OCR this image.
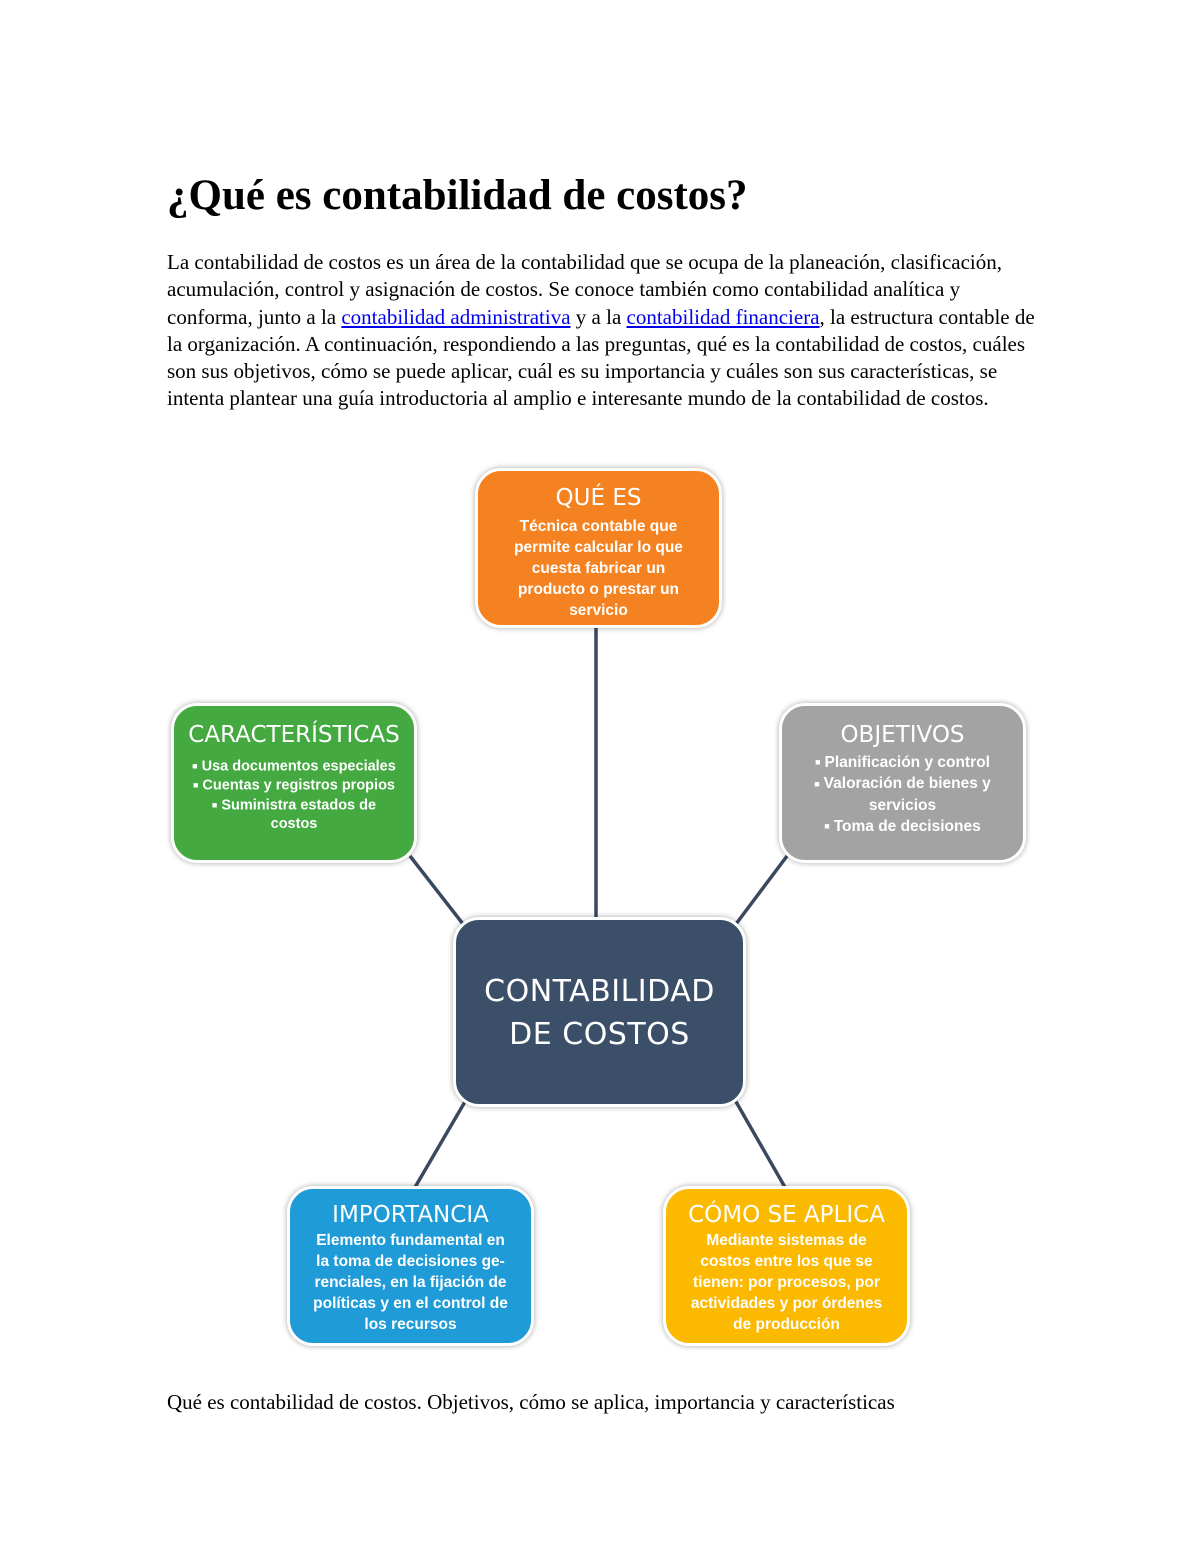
¿Qué es contabilidad de costos?

La contabilidad de costos es un área de la contabilidad que se ocupa de la planeación, clasificación, acumulación, control y asignación de costos. Se conoce también como contabilidad analítica y conforma, junto a la contabilidad administrativa y a la contabilidad financiera, la estructura contable de la organización. A continuación, respondiendo a las preguntas, qué es la contabilidad de costos, cuáles son sus objetivos, cómo se puede aplicar, cuál es su importancia y cuáles son sus características, se intenta plantear una guía introductoria al amplio e interesante mundo de la contabilidad de costos.

QUÉ ES
Técnica contable que
permite calcular lo que
cuesta fabricar un
producto o prestar un
servicio
CARACTERÍSTICAS
■ Usa documentos especiales
■ Cuentas y registros propios
■ Suministra estados de
costos
OBJETIVOS
■ Planificación y control
■ Valoración de bienes y
servicios
■ Toma de decisiones
CONTABILIDAD
DE COSTOS
IMPORTANCIA
Elemento fundamental en
la toma de decisiones ge-
renciales, en la fijación de
políticas y en el control de
los recursos
CÓMO SE APLICA
Mediante sistemas de
costos entre los que se
tienen: por procesos, por
actividades y por órdenes
de producción

Qué es contabilidad de costos. Objetivos, cómo se aplica, importancia y características
